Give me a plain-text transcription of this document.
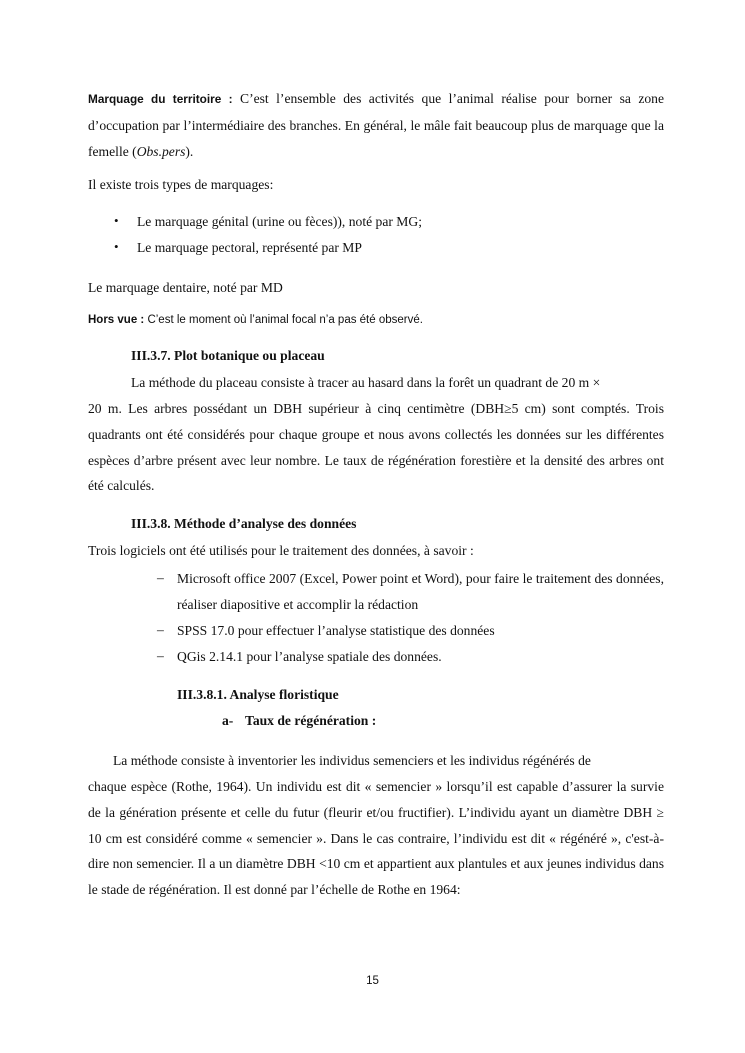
Marquage du territoire : C’est l’ensemble des activités que l’animal réalise pour borner sa zone d’occupation par l’intermédiaire des branches. En général, le mâle fait beaucoup plus de marquage que la femelle (Obs.pers).

Il existe trois types de marquages:

• Le marquage génital (urine ou fèces)), noté par MG;

• Le marquage pectoral, représenté par MP

Le marquage dentaire, noté par MD

Hors vue : C’est le moment où l’animal focal n’a pas été observé.

III.3.7. Plot botanique ou placeau

La méthode du placeau consiste à tracer au hasard dans la forêt un quadrant de 20 m ×

20 m. Les arbres possédant un DBH supérieur à cinq centimètre (DBH≥5 cm) sont comptés. Trois quadrants ont été considérés pour chaque groupe et nous avons collectés les données sur les différentes espèces d’arbre présent avec leur nombre. Le taux de régénération forestière et la densité des arbres ont été calculés.

III.3.8. Méthode d’analyse des données

Trois logiciels ont été utilisés pour le traitement des données, à savoir :

– Microsoft office 2007 (Excel, Power point et Word), pour faire le traitement des données, réaliser diapositive et accomplir la rédaction

– SPSS 17.0 pour effectuer l’analyse statistique des données

– QGis 2.14.1 pour l’analyse spatiale des données.

III.3.8.1. Analyse floristique

a- Taux de régénération :

La méthode consiste à inventorier les individus semenciers et les individus régénérés de

chaque espèce (Rothe, 1964). Un individu est dit « semencier » lorsqu’il est capable d’assurer la survie de la génération présente et celle du futur (fleurir et/ou fructifier). L’individu ayant un diamètre DBH ≥ 10 cm est considéré comme « semencier ». Dans le cas contraire, l’individu est dit « régénéré », c'est-à-dire non semencier. Il a un diamètre DBH <10 cm et appartient aux plantules et aux jeunes individus dans le stade de régénération. Il est donné par l’échelle de Rothe en 1964:

15
